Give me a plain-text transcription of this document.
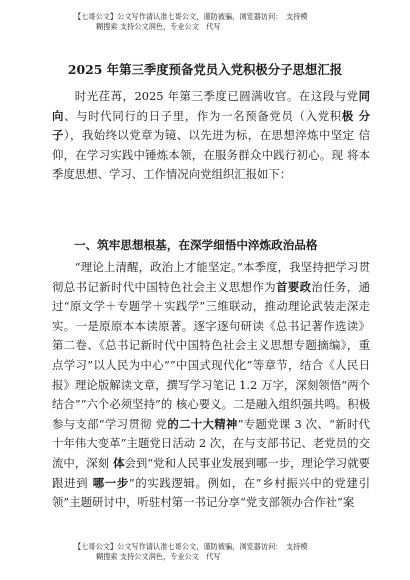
【七哥公文】公文写作请认准七哥公文，谨防被骗，浏览器访问：　支持模
糊搜索 支持公文润色，专业公文　代写
2025 年第三季度预备党员入党积极分子思想汇报
时光荏苒，2025 年第三季度已圆满收官。在这段与党同 向、与时代同行的日子里，作为一名预备党员（入党积极 分 子），我始终以党章为镜、以先进为标，在思想淬炼中坚定 信仰，在学习实践中锤炼本领，在服务群众中践行初心。现 将本季度思想、学习、工作情况向党组织汇报如下：
一、筑牢思想根基，在深学细悟中淬炼政治品格
“理论上清醒，政治上才能坚定。”本季度，我坚持把学习贯彻总书记新时代中国特色社会主义思想作为首要政治任务，通过“原文学＋专题学＋实践学”三维联动，推动理论武装走深走实。一是原原本本读原著。逐字逐句研读《总书记著作选读》第二卷、《总书记新时代中国特色社会主义思想专题摘编》，重点学习”以人民为中心””中国式现代化”等章节，结合《人民日报》理论版解读文章，撰写学习笔记 1.2 万字，深刻领悟“两个结合”“六个必须坚持”的 核心要义。二是融入组织强共鸣。积极参与支部“学习贯彻 党的二十大精神”专题党课 3 次、“新时代十年伟大变革”主题党日活动 2 次，在与支部书记、老党员的交流中，深刻 体会到“党和人民事业发展到哪一步，理论学习就要跟进到 哪一步”的实践逻辑。例如，在”乡村振兴中的党建引领”主题研讨中，听驻村第一书记分享“党支部领办合作社”案
【七哥公文】公文写作请认准七哥公文，谨防被骗，浏览器访问：　支持模
糊搜索 支持公文润色，专业公文　代写
